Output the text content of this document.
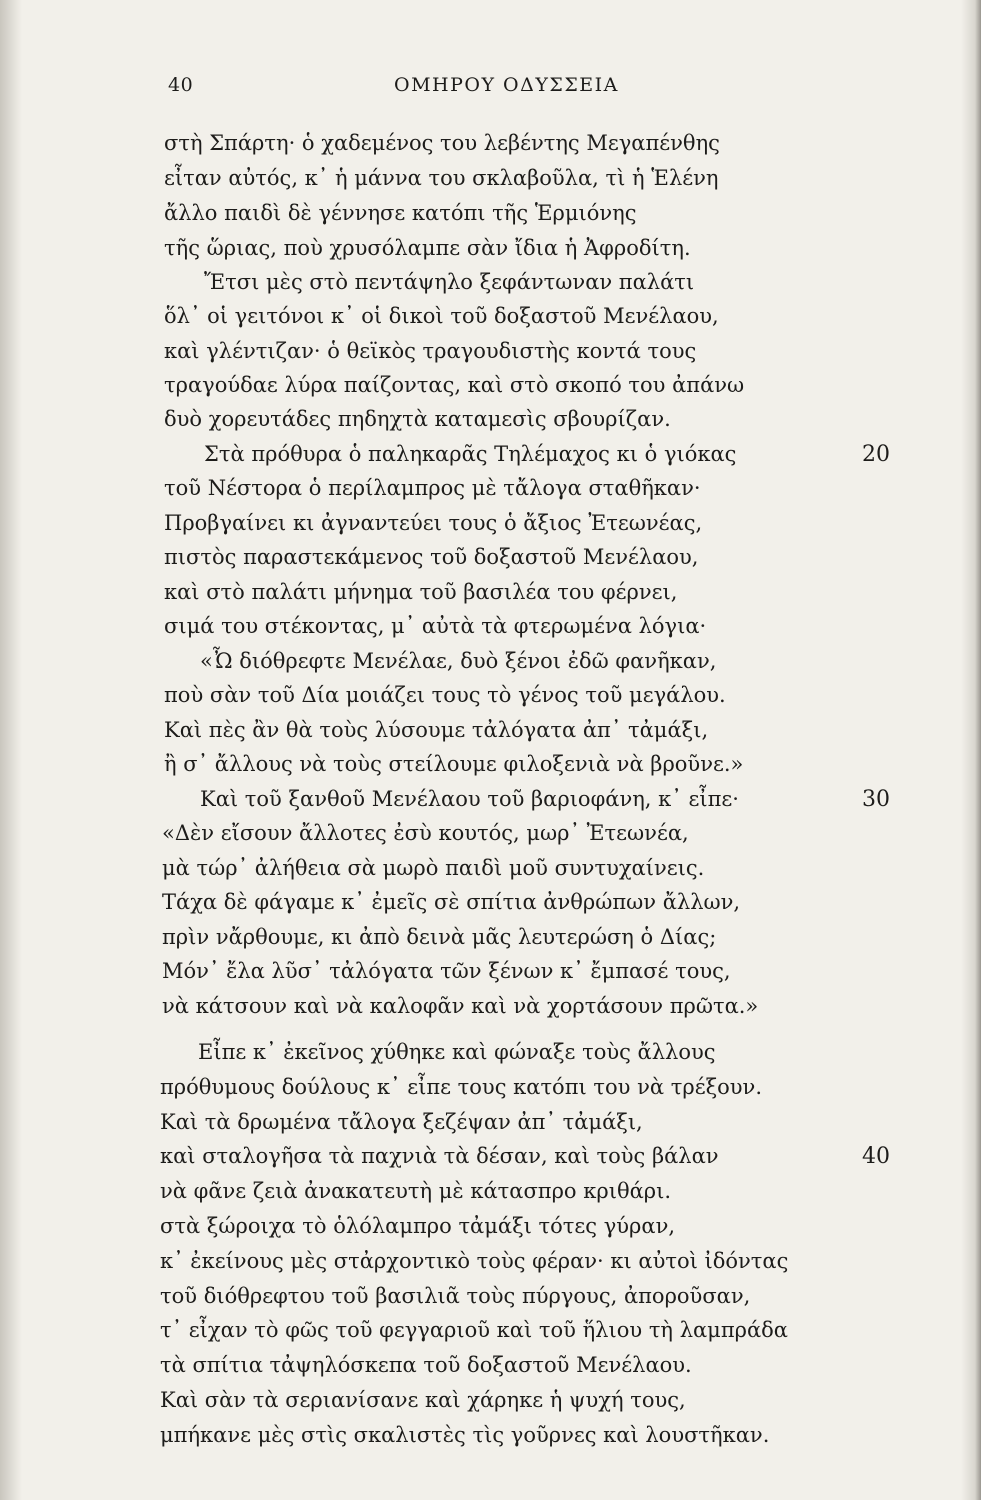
40	ΟΜΗΡΟΥ ΟΔΥΣΣΕΙΑ
στὴ Σπάρτη· ὁ χαδεμένος του λεβέντης Μεγαπένθης
εἶταν αὐτός, κ᾽ ἡ μάννα του σκλαβοῦλα, τὶ ἡ Ἑλένη
ἄλλο παιδὶ δὲ γέννησε κατόπι τῆς Ἑρμιόνης
τῆς ὥριας, ποὺ χρυσόλαμπε σὰν ἴδια ἡ Ἀφροδίτη.
Ἔτσι μὲς στὸ πεντάψηλο ξεφάντωναν παλάτι
ὅλ᾽ οἱ γειτόνοι κ᾽ οἱ δικοὶ τοῦ δοξαστοῦ Μενέλαου,
καὶ γλέντιζαν· ὁ θεϊκὸς τραγουδιστὴς κοντά τους
τραγούδαε λύρα παίζοντας, καὶ στὸ σκοπό του ἀπάνω
δυὸ χορευτάδες πηδηχτὰ καταμεσὶς σβουρίζαν.
Στὰ πρόθυρα ὁ παληκαρᾶς Τηλέμαχος κι ὁ γιόκας	20
τοῦ Νέστορα ὁ περίλαμπρος μὲ τἄλογα σταθῆκαν·
Προβγαίνει κι ἀγναντεύει τους ὁ ἄξιος Ἐτεωνέας,
πιστὸς παραστεκάμενος τοῦ δοξαστοῦ Μενέλαου,
καὶ στὸ παλάτι μήνημα τοῦ βασιλέα του φέρνει,
σιμά του στέκοντας, μ᾽ αὐτὰ τὰ φτερωμένα λόγια·
«Ὦ διόθρεφτε Μενέλαε, δυὸ ξένοι ἐδῶ φανῆκαν,
ποὺ σὰν τοῦ Δία μοιάζει τους τὸ γένος τοῦ μεγάλου.
Καὶ πὲς ἂν θὰ τοὺς λύσουμε τἀλόγατα ἀπ᾽ τἀμάξι,
ἢ σ᾽ ἄλλους νὰ τοὺς στείλουμε φιλοξενιὰ νὰ βροῦνε.»
Καὶ τοῦ ξανθοῦ Μενέλαου τοῦ βαριοφάνη, κ᾽ εἶπε·	30
«Δὲν εἴσουν ἄλλοτες ἐσὺ κουτός, μωρ᾽ Ἐτεωνέα,
μὰ τώρ᾽ ἀλήθεια σὰ μωρὸ παιδὶ μοῦ συντυχαίνεις.
Τάχα δὲ φάγαμε κ᾽ ἐμεῖς σὲ σπίτια ἀνθρώπων ἄλλων,
πρὶν νἄρθουμε, κι ἀπὸ δεινὰ μᾶς λευτερώση ὁ Δίας;
Μόν᾽ ἔλα λῦσ᾽ τἀλόγατα τῶν ξένων κ᾽ ἔμπασέ τους,
νὰ κάτσουν καὶ νὰ καλοφᾶν καὶ νὰ χορτάσουν πρῶτα.»
Εἶπε κ᾽ ἐκεῖνος χύθηκε καὶ φώναξε τοὺς ἄλλους
πρόθυμους δούλους κ᾽ εἶπε τους κατόπι του νὰ τρέξουν.
Καὶ τὰ δρωμένα τἄλογα ξεζέψαν ἀπ᾽ τἀμάξι,
καὶ σταλογῆσα τὰ παχνιὰ τὰ δέσαν, καὶ τοὺς βάλαν	40
νὰ φᾶνε ζειὰ ἀνακατευτὴ μὲ κάτασπρο κριθάρι.
στὰ ξώροιχα τὸ ὁλόλαμπρο τἀμάξι τότες γύραν,
κ᾽ ἐκείνους μὲς στἀρχοντικὸ τοὺς φέραν· κι αὐτοὶ ἰδόντας
τοῦ διόθρεφτου τοῦ βασιλιᾶ τοὺς πύργους, ἀποροῦσαν,
τ᾽ εἶχαν τὸ φῶς τοῦ φεγγαριοῦ καὶ τοῦ ἥλιου τὴ λαμπράδα
τὰ σπίτια τἀψηλόσκεπα τοῦ δοξαστοῦ Μενέλαου.
Καὶ σὰν τὰ σεριανίσανε καὶ χάρηκε ἡ ψυχή τους,
μπήκανε μὲς στὶς σκαλιστὲς τὶς γοῦρνες καὶ λουστῆκαν.
